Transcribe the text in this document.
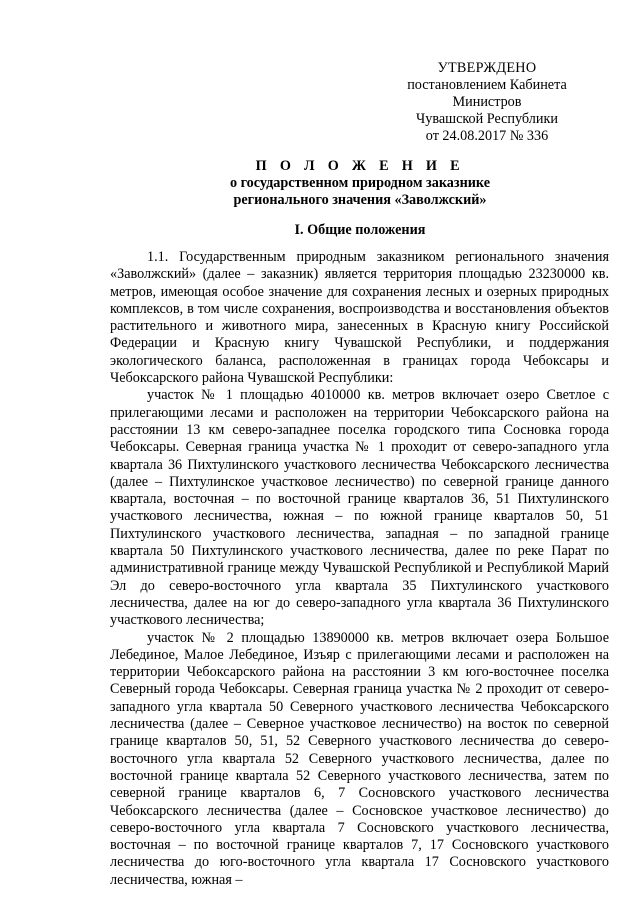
УТВЕРЖДЕНО
постановлением Кабинета Министров
Чувашской Республики
от 24.08.2017 № 336
П О Л О Ж Е Н И Е
о государственном природном заказнике
регионального значения «Заволжский»
I. Общие положения

1.1. Государственным природным заказником регионального значения «Заволжский» (далее – заказник) является территория площадью 23230000 кв. метров, имеющая особое значение для сохранения лесных и озерных природных комплексов, в том числе сохранения, воспроизводства и восстановления объектов растительного и животного мира, занесенных в Красную книгу Российской Федерации и Красную книгу Чувашской Республики, и поддержания экологического баланса, расположенная в границах города Чебоксары и Чебоксарского района Чувашской Республики:

участок № 1 площадью 4010000 кв. метров включает озеро Светлое с прилегающими лесами и расположен на территории Чебоксарского района на расстоянии 13 км северо-западнее поселка городского типа Сосновка города Чебоксары. Северная граница участка № 1 проходит от северо-западного угла квартала 36 Пихтулинского участкового лесничества Чебоксарского лесничества (далее – Пихтулинское участковое лесничество) по северной границе данного квартала, восточная – по восточной границе кварталов 36, 51 Пихтулинского участкового лесничества, южная – по южной границе кварталов 50, 51 Пихтулинского участкового лесничества, западная – по западной границе квартала 50 Пихтулинского участкового лесничества, далее по реке Парат по административной границе между Чувашской Республикой и Республикой Марий Эл до северо-восточного угла квартала 35 Пихтулинского участкового лесничества, далее на юг до северо-западного угла квартала 36 Пихтулинского участкового лесничества;

участок № 2 площадью 13890000 кв. метров включает озера Большое Лебединое, Малое Лебединое, Изъяр с прилегающими лесами и расположен на территории Чебоксарского района на расстоянии 3 км юго-восточнее поселка Северный города Чебоксары. Северная граница участка № 2 проходит от северо-западного угла квартала 50 Северного участкового лесничества Чебоксарского лесничества (далее – Северное участковое лесничество) на восток по северной границе кварталов 50, 51, 52 Северного участкового лесничества до северо-восточного угла квартала 52 Северного участкового лесничества, далее по восточной границе квартала 52 Северного участкового лесничества, затем по северной границе кварталов 6, 7 Сосновского участкового лесничества Чебоксарского лесничества (далее – Сосновское участковое лесничество) до северо-восточного угла квартала 7 Сосновского участкового лесничества, восточная – по восточной границе кварталов 7, 17 Сосновского участкового лесничества до юго-восточного угла квартала 17 Сосновского участкового лесничества, южная –
